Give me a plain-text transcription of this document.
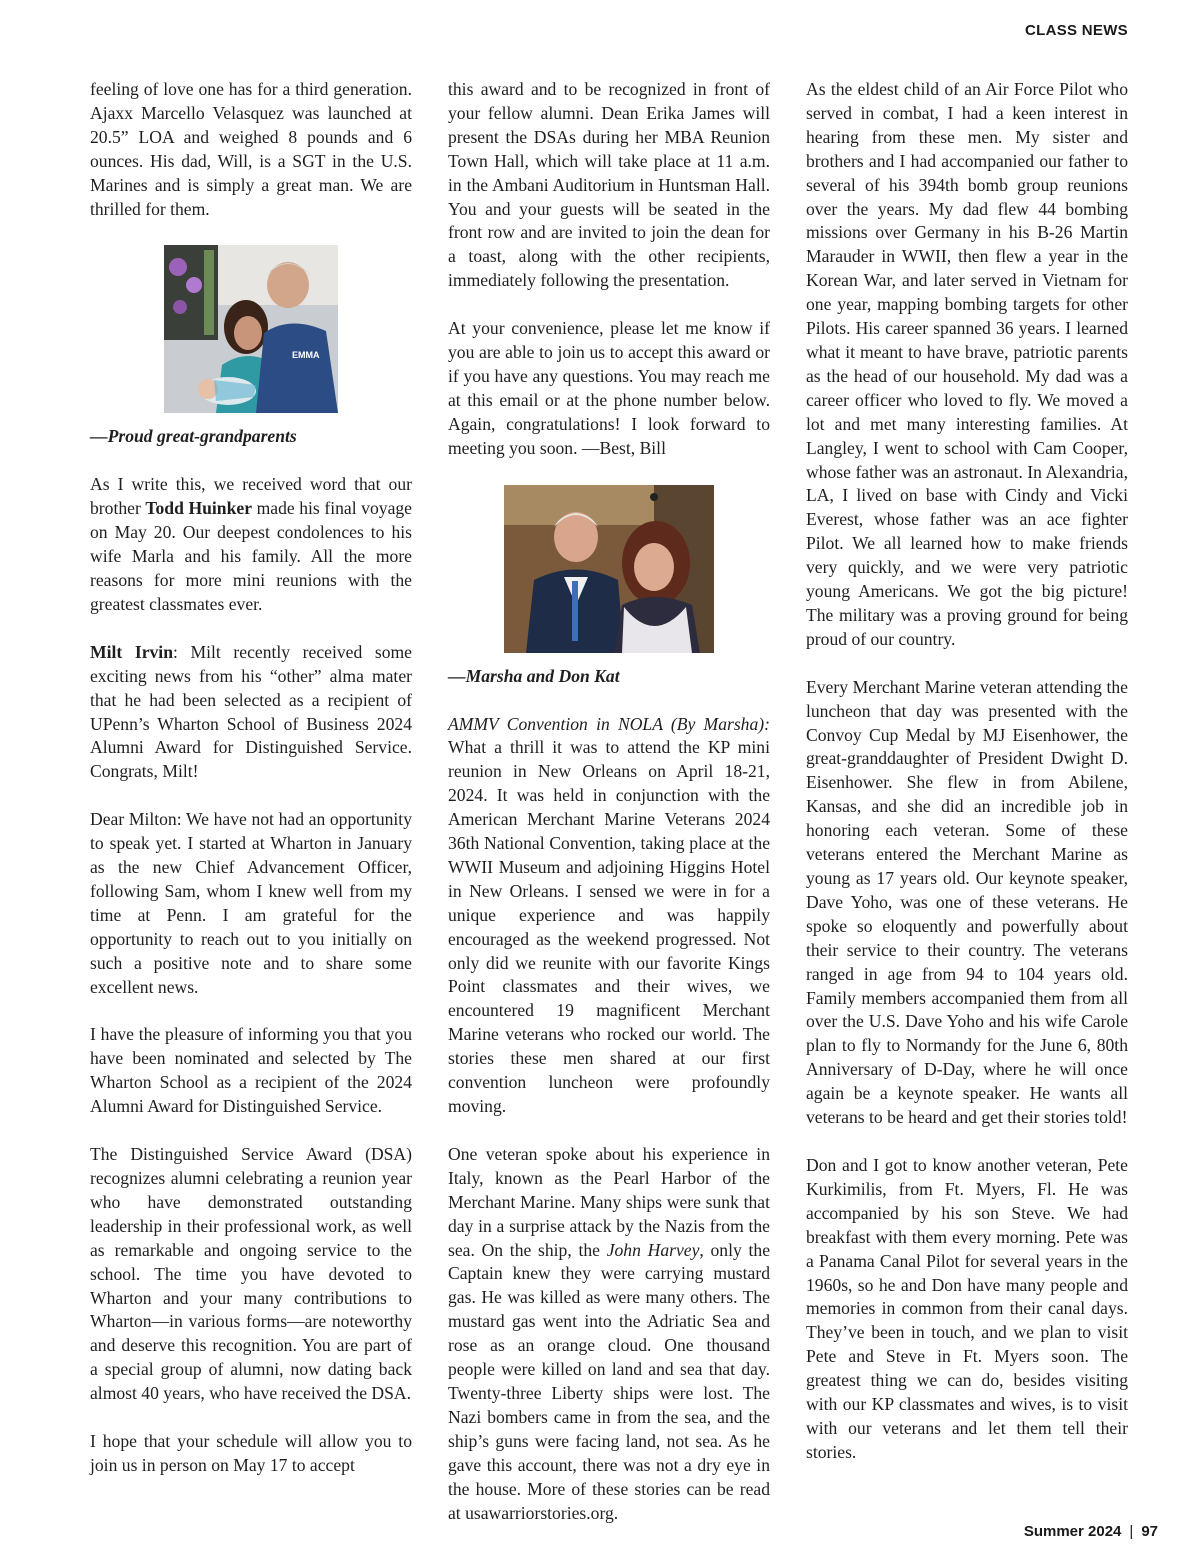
CLASS NEWS

feeling of love one has for a third generation. Ajaxx Marcello Velasquez was launched at 20.5” LOA and weighed 8 pounds and 6 ounces. His dad, Will, is a SGT in the U.S. Marines and is simply a great man. We are thrilled for them.

EMMA

—Proud great-grandparents

As I write this, we received word that our brother Todd Huinker made his final voyage on May 20. Our deepest condolences to his wife Marla and his family. All the more reasons for more mini reunions with the greatest classmates ever.

Milt Irvin: Milt recently received some exciting news from his “other” alma mater that he had been selected as a recipient of UPenn’s Wharton School of Business 2024 Alumni Award for Distinguished Service. Congrats, Milt!

Dear Milton: We have not had an opportunity to speak yet. I started at Wharton in January as the new Chief Advancement Officer, following Sam, whom I knew well from my time at Penn. I am grateful for the opportunity to reach out to you initially on such a positive note and to share some excellent news.

I have the pleasure of informing you that you have been nominated and selected by The Wharton School as a recipient of the 2024 Alumni Award for Distinguished Service.

The Distinguished Service Award (DSA) recognizes alumni celebrating a reunion year who have demonstrated outstanding leadership in their professional work, as well as remarkable and ongoing service to the school. The time you have devoted to Wharton and your many contributions to Wharton—in various forms—are noteworthy and deserve this recognition. You are part of a special group of alumni, now dating back almost 40 years, who have received the DSA.

I hope that your schedule will allow you to join us in person on May 17 to accept

this award and to be recognized in front of your fellow alumni. Dean Erika James will present the DSAs during her MBA Reunion Town Hall, which will take place at 11 a.m. in the Ambani Auditorium in Huntsman Hall. You and your guests will be seated in the front row and are invited to join the dean for a toast, along with the other recipients, immediately following the presentation.

At your convenience, please let me know if you are able to join us to accept this award or if you have any questions. You may reach me at this email or at the phone number below. Again, congratulations! I look forward to meeting you soon. —Best, Bill

—Marsha and Don Kat

AMMV Convention in NOLA (By Marsha): What a thrill it was to attend the KP mini reunion in New Orleans on April 18-21, 2024. It was held in conjunction with the American Merchant Marine Veterans 2024 36th National Convention, taking place at the WWII Museum and adjoining Higgins Hotel in New Orleans. I sensed we were in for a unique experience and was happily encouraged as the weekend progressed. Not only did we reunite with our favorite Kings Point classmates and their wives, we encountered 19 magnificent Merchant Marine veterans who rocked our world. The stories these men shared at our first convention luncheon were profoundly moving.

One veteran spoke about his experience in Italy, known as the Pearl Harbor of the Merchant Marine. Many ships were sunk that day in a surprise attack by the Nazis from the sea. On the ship, the John Harvey, only the Captain knew they were carrying mustard gas. He was killed as were many others. The mustard gas went into the Adriatic Sea and rose as an orange cloud. One thousand people were killed on land and sea that day. Twenty-three Liberty ships were lost. The Nazi bombers came in from the sea, and the ship’s guns were facing land, not sea. As he gave this account, there was not a dry eye in the house. More of these stories can be read at usawarriorstories.org.

As the eldest child of an Air Force Pilot who served in combat, I had a keen interest in hearing from these men. My sister and brothers and I had accompanied our father to several of his 394th bomb group reunions over the years. My dad flew 44 bombing missions over Germany in his B-26 Martin Marauder in WWII, then flew a year in the Korean War, and later served in Vietnam for one year, mapping bombing targets for other Pilots. His career spanned 36 years. I learned what it meant to have brave, patriotic parents as the head of our household. My dad was a career officer who loved to fly. We moved a lot and met many interesting families. At Langley, I went to school with Cam Cooper, whose father was an astronaut. In Alexandria, LA, I lived on base with Cindy and Vicki Everest, whose father was an ace fighter Pilot. We all learned how to make friends very quickly, and we were very patriotic young Americans. We got the big picture! The military was a proving ground for being proud of our country.

Every Merchant Marine veteran attending the luncheon that day was presented with the Convoy Cup Medal by MJ Eisenhower, the great-granddaughter of President Dwight D. Eisenhower. She flew in from Abilene, Kansas, and she did an incredible job in honoring each veteran. Some of these veterans entered the Merchant Marine as young as 17 years old. Our keynote speaker, Dave Yoho, was one of these veterans. He spoke so eloquently and powerfully about their service to their country. The veterans ranged in age from 94 to 104 years old. Family members accompanied them from all over the U.S. Dave Yoho and his wife Carole plan to fly to Normandy for the June 6, 80th Anniversary of D-Day, where he will once again be a keynote speaker. He wants all veterans to be heard and get their stories told!

Don and I got to know another veteran, Pete Kurkimilis, from Ft. Myers, Fl. He was accompanied by his son Steve. We had breakfast with them every morning. Pete was a Panama Canal Pilot for several years in the 1960s, so he and Don have many people and memories in common from their canal days. They’ve been in touch, and we plan to visit Pete and Steve in Ft. Myers soon. The greatest thing we can do, besides visiting with our KP classmates and wives, is to visit with our veterans and let them tell their stories.

Summer 2024 | 97
